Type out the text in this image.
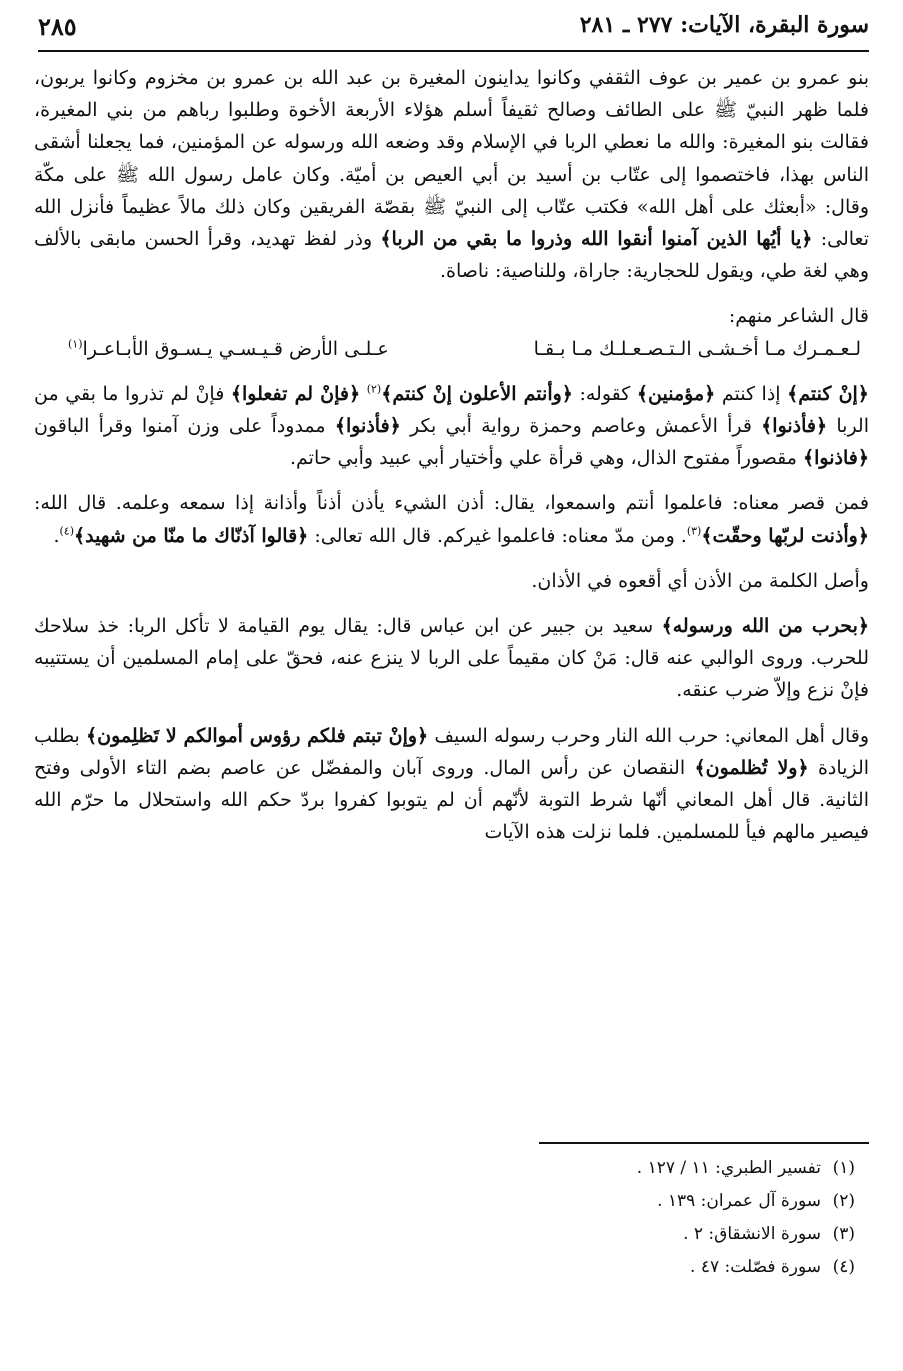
سورة البقرة، الآيات: ٢٧٧ ـ ٢٨١
٢٨٥

بنو عمرو بن عمير بن عوف الثقفي وكانوا يداينون المغيرة بن عبد الله بن عمرو بن مخزوم وكانوا يربون، فلما ظهر النبيّ ﷺ على الطائف وصالح ثقيفاً أسلم هؤلاء الأربعة الأخوة وطلبوا رباهم من بني المغيرة، فقالت بنو المغيرة: والله ما نعطي الربا في الإسلام وقد وضعه الله ورسوله عن المؤمنين، فما يجعلنا أشقى الناس بهذا، فاختصموا إلى عتّاب بن أسيد بن أبي العيص بن أميّة. وكان عامل رسول الله ﷺ على مكّة وقال: «أبعثك على أهل الله» فكتب عتّاب إلى النبيّ ﷺ بقصّة الفريقين وكان ذلك مالاً عظيماً فأنزل الله تعالى: ﴿يا أيُها الذين آمنوا أنقوا الله وذروا ما بقي من الربا﴾ وذر لفظ تهديد، وقرأ الحسن مابقى بالألف وهي لغة طي، ويقول للحجارية: جاراة، وللناصية: ناصاة.

قال الشاعر منهم:

لـعـمـرك مـا أخـشـى الـتـصـعـلـك مـا بـقـا
عـلـى الأرض قـيـسـي يـسـوق الأبـاعـرا$^{(١)}$

﴿إنْ كنتم﴾ إذا كنتم ﴿مؤمنين﴾ كقوله: ﴿وأنتم الأعلون إنْ كنتم﴾$^{(٢)}$ ﴿فإنْ لم تفعلوا﴾ فإنْ لم تذروا ما بقي من الربا ﴿فأذنوا﴾ قرأ الأعمش وعاصم وحمزة رواية أبي بكر ﴿فأذنوا﴾ ممدوداً على وزن آمنوا وقرأ الباقون ﴿فاذنوا﴾ مقصوراً مفتوح الذال، وهي قرأة علي وأختيار أبي عبيد وأبي حاتم.

فمن قصر معناه: فاعلموا أنتم واسمعوا، يقال: أذن الشيء يأذن أذناً وأذانة إذا سمعه وعلمه. قال الله: ﴿وأذنت لربّها وحقّت﴾$^{(٣)}$. ومن مدّ معناه: فاعلموا غيركم. قال الله تعالى: ﴿قالوا آذنّاك ما منّا من شهيد﴾$^{(٤)}$.

وأصل الكلمة من الأذن أي أقعوه في الأذان.

﴿بحرب من الله ورسوله﴾ سعيد بن جبير عن ابن عباس قال: يقال يوم القيامة لا تأكل الربا: خذ سلاحك للحرب. وروى الوالبي عنه قال: مَنْ كان مقيماً على الربا لا ينزع عنه، فحقّ على إمام المسلمين أن يستتيبه فإنْ نزع وإلاّ ضرب عنقه.

وقال أهل المعاني: حرب الله النار وحرب رسوله السيف ﴿وإنْ تبتم فلكم رؤوس أموالكم لا تَظلِمون﴾ بطلب الزيادة ﴿ولا تُظلمون﴾ النقصان عن رأس المال. وروى آبان والمفضّل عن عاصم بضم التاء الأولى وفتح الثانية. قال أهل المعاني أنّها شرط التوبة لأنّهم أن لم يتوبوا كفروا بردّ حكم الله واستحلال ما حرّم الله فيصير مالهم فيأ للمسلمين. فلما نزلت هذه الآيات

(١)تفسير الطبري: ١١ / ١٢٧ .
(٢)سورة آل عمران: ١٣٩ .
(٣)سورة الانشقاق: ٢ .
(٤)سورة فصّلت: ٤٧ .
